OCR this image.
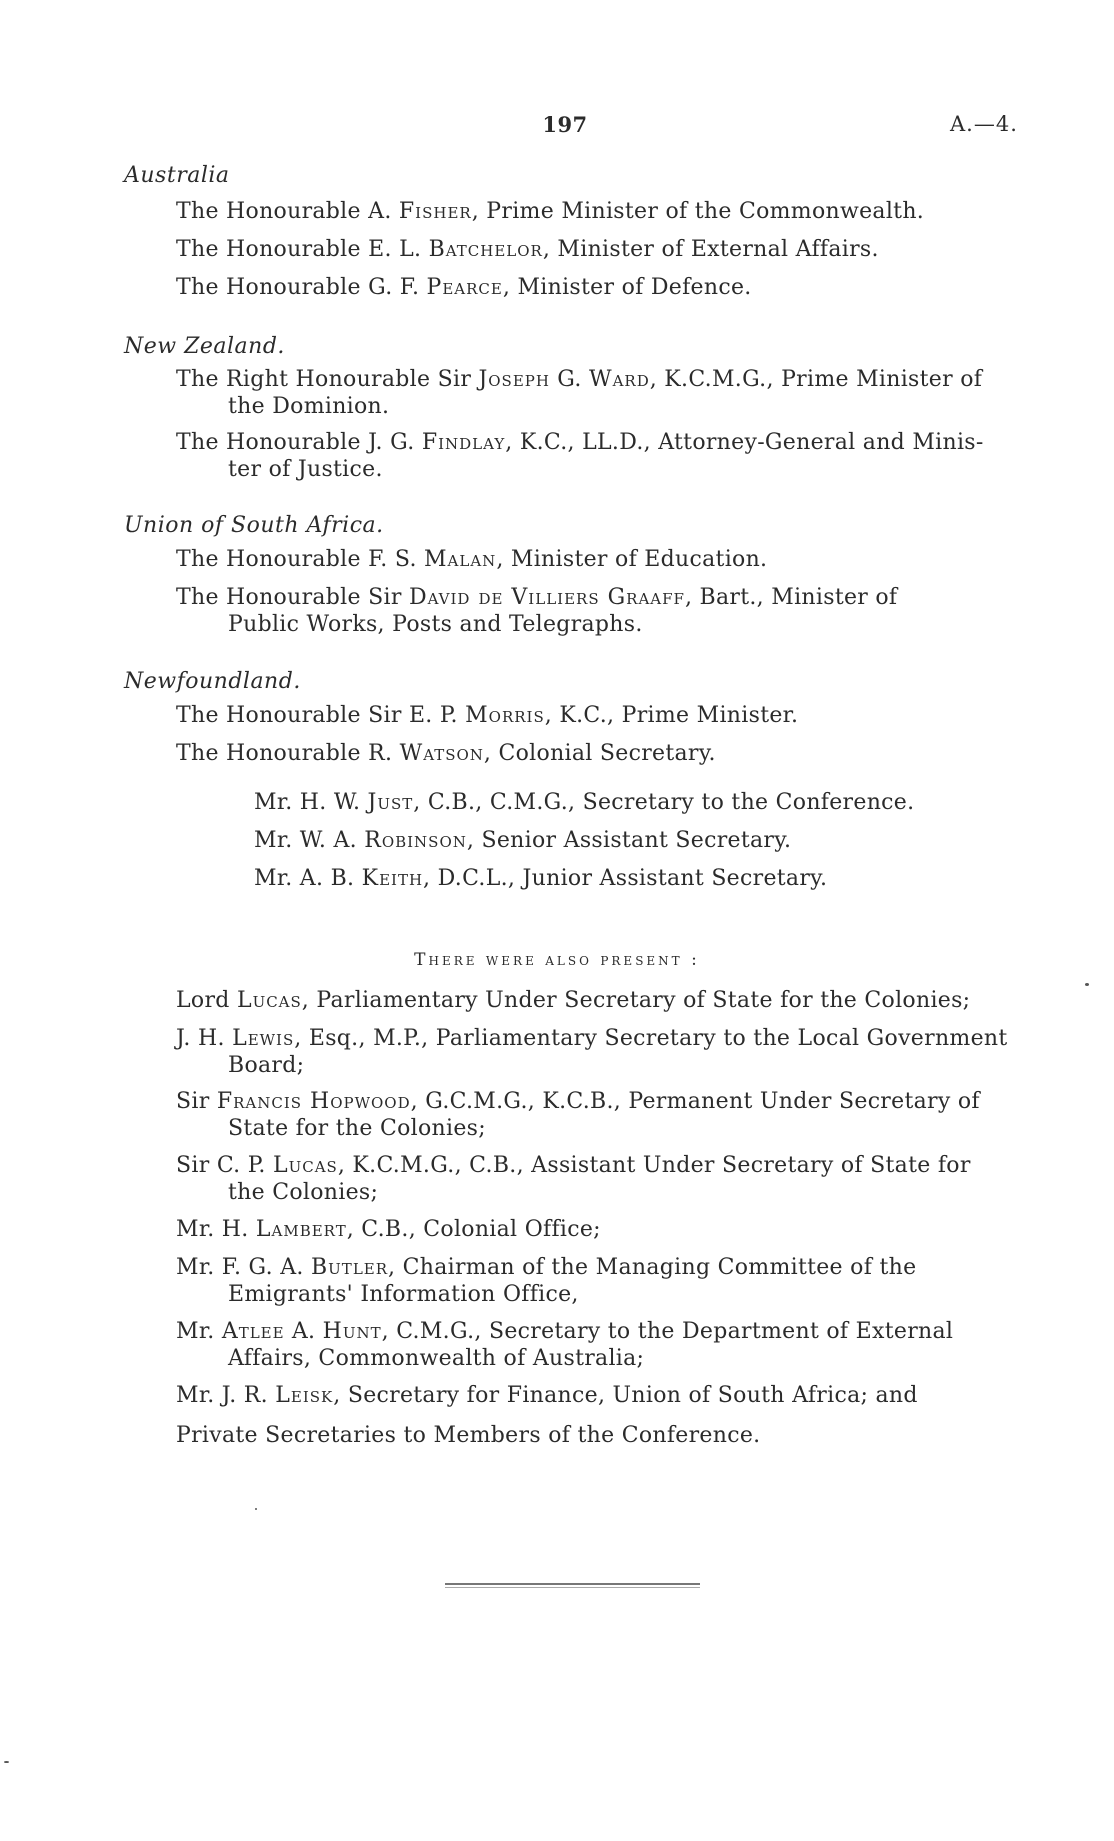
197	A.—4.
Australia
The Honourable A. Fisher, Prime Minister of the Commonwealth.
The Honourable E. L. Batchelor, Minister of External Affairs.
The Honourable G. F. Pearce, Minister of Defence.
New Zealand.
The Right Honourable Sir Joseph G. Ward, K.C.M.G., Prime Minister of
the Dominion.
The Honourable J. G. Findlay, K.C., LL.D., Attorney-General and Minis-
ter of Justice.
Union of South Africa.
The Honourable F. S. Malan, Minister of Education.
The Honourable Sir David de Villiers Graaff, Bart., Minister of
Public Works, Posts and Telegraphs.
Newfoundland.
The Honourable Sir E. P. Morris, K.C., Prime Minister.
The Honourable R. Watson, Colonial Secretary.
Mr. H. W. Just, C.B., C.M.G., Secretary to the Conference.
Mr. W. A. Robinson, Senior Assistant Secretary.
Mr. A. B. Keith, D.C.L., Junior Assistant Secretary.
There were also present :
Lord Lucas, Parliamentary Under Secretary of State for the Colonies;
J. H. Lewis, Esq., M.P., Parliamentary Secretary to the Local Government
Board;
Sir Francis Hopwood, G.C.M.G., K.C.B., Permanent Under Secretary of
State for the Colonies;
Sir C. P. Lucas, K.C.M.G., C.B., Assistant Under Secretary of State for
the Colonies;
Mr. H. Lambert, C.B., Colonial Office;
Mr. F. G. A. Butler, Chairman of the Managing Committee of the
Emigrants' Information Office,
Mr. Atlee A. Hunt, C.M.G., Secretary to the Department of External
Affairs, Commonwealth of Australia;
Mr. J. R. Leisk, Secretary for Finance, Union of South Africa; and
Private Secretaries to Members of the Conference.
